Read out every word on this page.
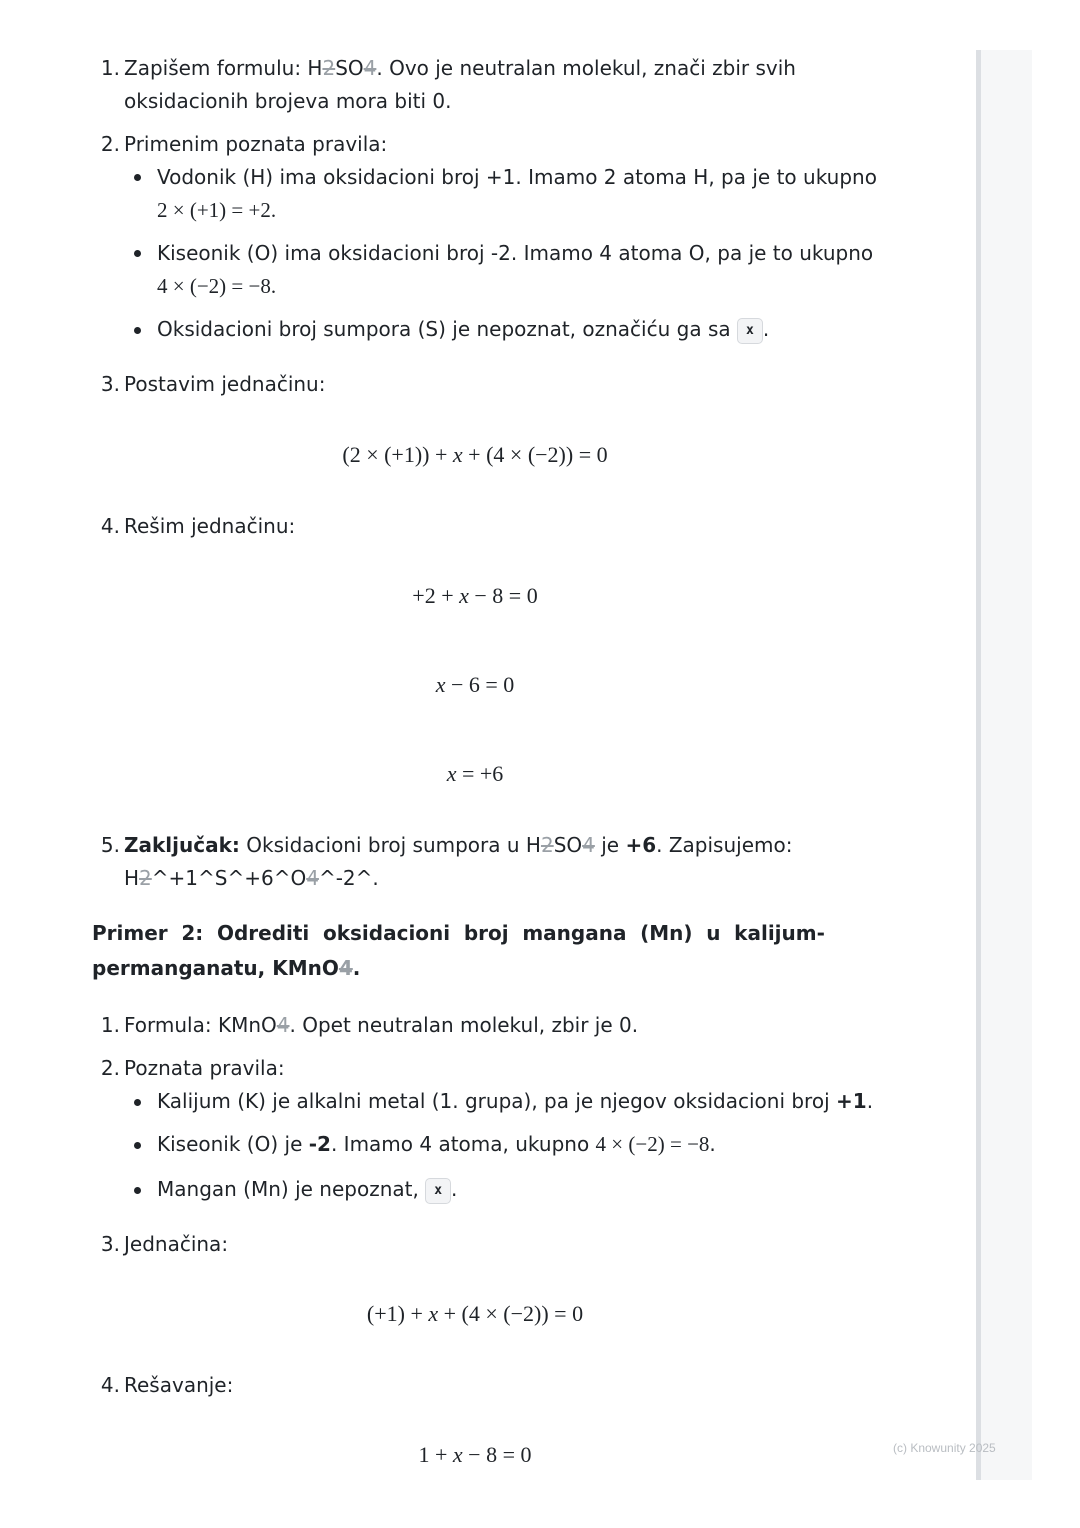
1. Zapišem formulu: H2SO4. Ovo je neutralan molekul, znači zbir svih
oksidacionih brojeva mora biti 0.
2. Primenim poznata pravila:
Vodonik (H) ima oksidacioni broj +1. Imamo 2 atoma H, pa je to ukupno
2 × (+1) = +2.
Kiseonik (O) ima oksidacioni broj -2. Imamo 4 atoma O, pa je to ukupno
4 × (−2) = −8.
Oksidacioni broj sumpora (S) je nepoznat, označiću ga sa x .
3. Postavim jednačinu:
(2 × (+1)) + x + (4 × (−2)) = 0
4. Rešim jednačinu:
+2 + x − 8 = 0
x − 6 = 0
x = +6
5. Zaključak: Oksidacioni broj sumpora u H2SO4 je +6. Zapisujemo:
H2^+1^S^+6^O4^-2^.
Primer 2: Odrediti oksidacioni broj mangana (Mn) u kalijum-
permanganatu, KMnO4.
1. Formula: KMnO4. Opet neutralan molekul, zbir je 0.
2. Poznata pravila:
Kalijum (K) je alkalni metal (1. grupa), pa je njegov oksidacioni broj +1.
Kiseonik (O) je -2. Imamo 4 atoma, ukupno 4 × (−2) = −8.
Mangan (Mn) je nepoznat, x .
3. Jednačina:
(+1) + x + (4 × (−2)) = 0
4. Rešavanje:
1 + x − 8 = 0	(c) Knowunity 2025
